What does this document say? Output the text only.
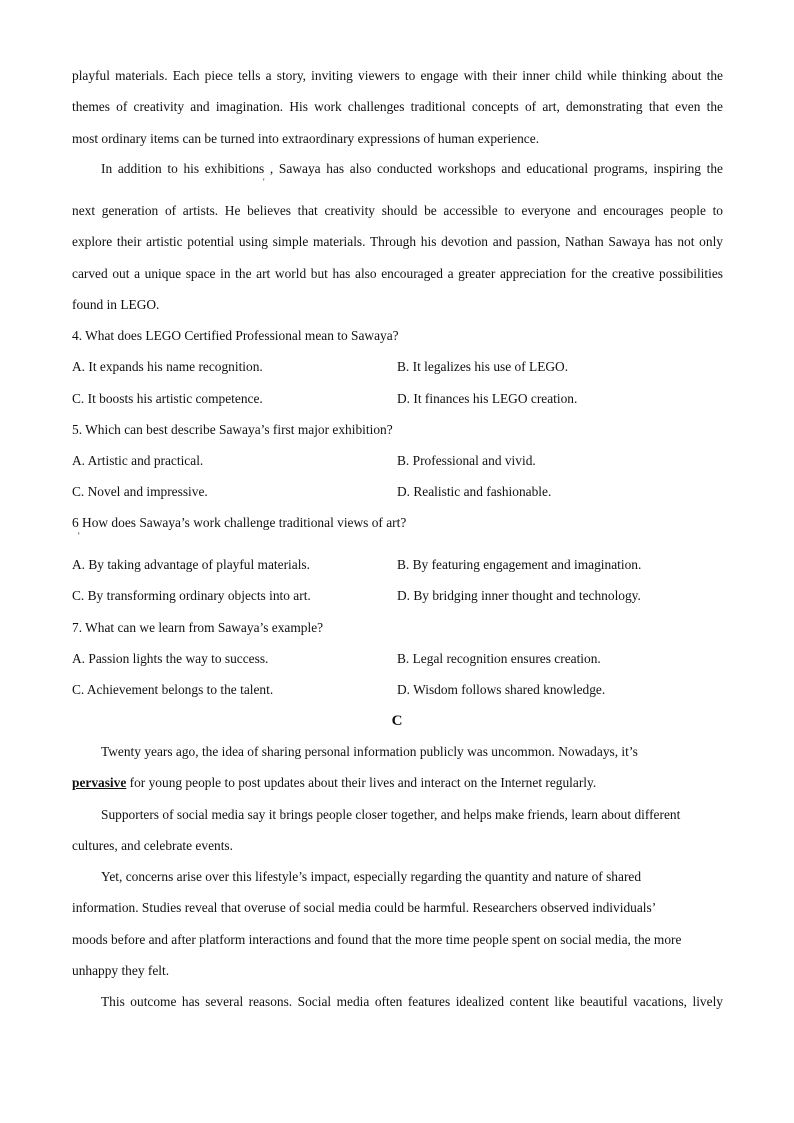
playful materials. Each piece tells a story, inviting viewers to engage with their inner child while thinking about the
themes of creativity and imagination. His work challenges traditional concepts of art, demonstrating that even the
most ordinary items can be turned into extraordinary expressions of human experience.
In addition to his exhibitions , Sawaya has also conducted workshops and educational programs, inspiring the
'
next generation of artists. He believes that creativity should be accessible to everyone and encourages people to
explore their artistic potential using simple materials. Through his devotion and passion, Nathan Sawaya has not only
carved out a unique space in the art world but has also encouraged a greater appreciation for the creative possibilities
found in LEGO.
4. What does LEGO Certified Professional mean to Sawaya?
A. It expands his name recognition.	B. It legalizes his use of LEGO.
C. It boosts his artistic competence.	D. It finances his LEGO creation.
5. Which can best describe Sawaya’s first major exhibition?
A. Artistic and practical.	B. Professional and vivid.
C. Novel and impressive.	D. Realistic and fashionable.
6 How does Sawaya’s work challenge traditional views of art?
'
A. By taking advantage of playful materials.	B. By featuring engagement and imagination.
C. By transforming ordinary objects into art.	D. By bridging inner thought and technology.
7. What can we learn from Sawaya’s example?
A. Passion lights the way to success.	B. Legal recognition ensures creation.
C. Achievement belongs to the talent.	D. Wisdom follows shared knowledge.
C
Twenty years ago, the idea of sharing personal information publicly was uncommon. Nowadays, it’s
pervasive for young people to post updates about their lives and interact on the Internet regularly.
Supporters of social media say it brings people closer together, and helps make friends, learn about different
cultures, and celebrate events.
Yet, concerns arise over this lifestyle’s impact, especially regarding the quantity and nature of shared
information. Studies reveal that overuse of social media could be harmful. Researchers observed individuals’
moods before and after platform interactions and found that the more time people spent on social media, the more
unhappy they felt.
This outcome has several reasons. Social media often features idealized content like beautiful vacations, lively
